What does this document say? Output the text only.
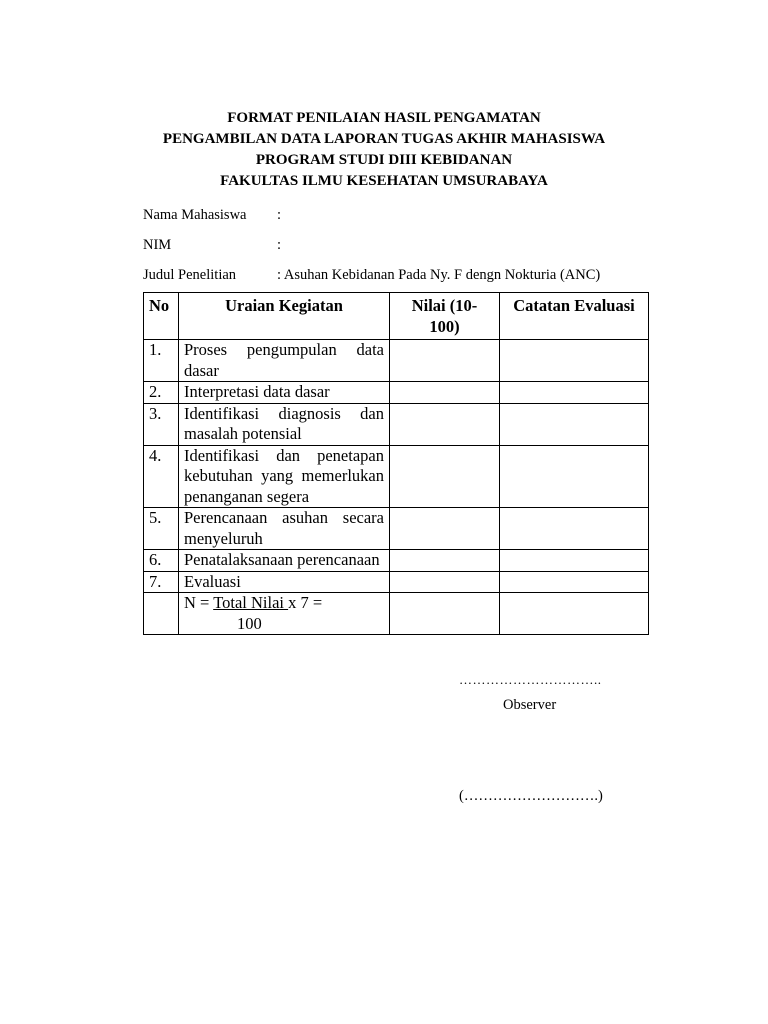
FORMAT PENILAIAN HASIL PENGAMATAN
PENGAMBILAN DATA LAPORAN TUGAS AKHIR MAHASISWA
PROGRAM STUDI DIII KEBIDANAN
FAKULTAS ILMU KESEHATAN UMSURABAYA
Nama Mahasiswa :
NIM	:
Judul Penelitian	: Asuhan Kebidanan Pada Ny. F dengn Nokturia (ANC)
No	Uraian Kegiatan	Nilai (10-
100)	Catatan Evaluasi
1.	Proses pengumpulan data dasar		
2.	Interpretasi data dasar		
3.	Identifikasi diagnosis dan masalah potensial		
4.	Identifikasi dan penetapan kebutuhan yang memerlukan penanganan segera		
5.	Perencanaan asuhan secara menyeluruh		
6.	Penatalaksanaan perencanaan		
7.	Evaluasi		

	N = Total Nilai x 7 =
100		

…………………………..
Observer
(……………………….)
